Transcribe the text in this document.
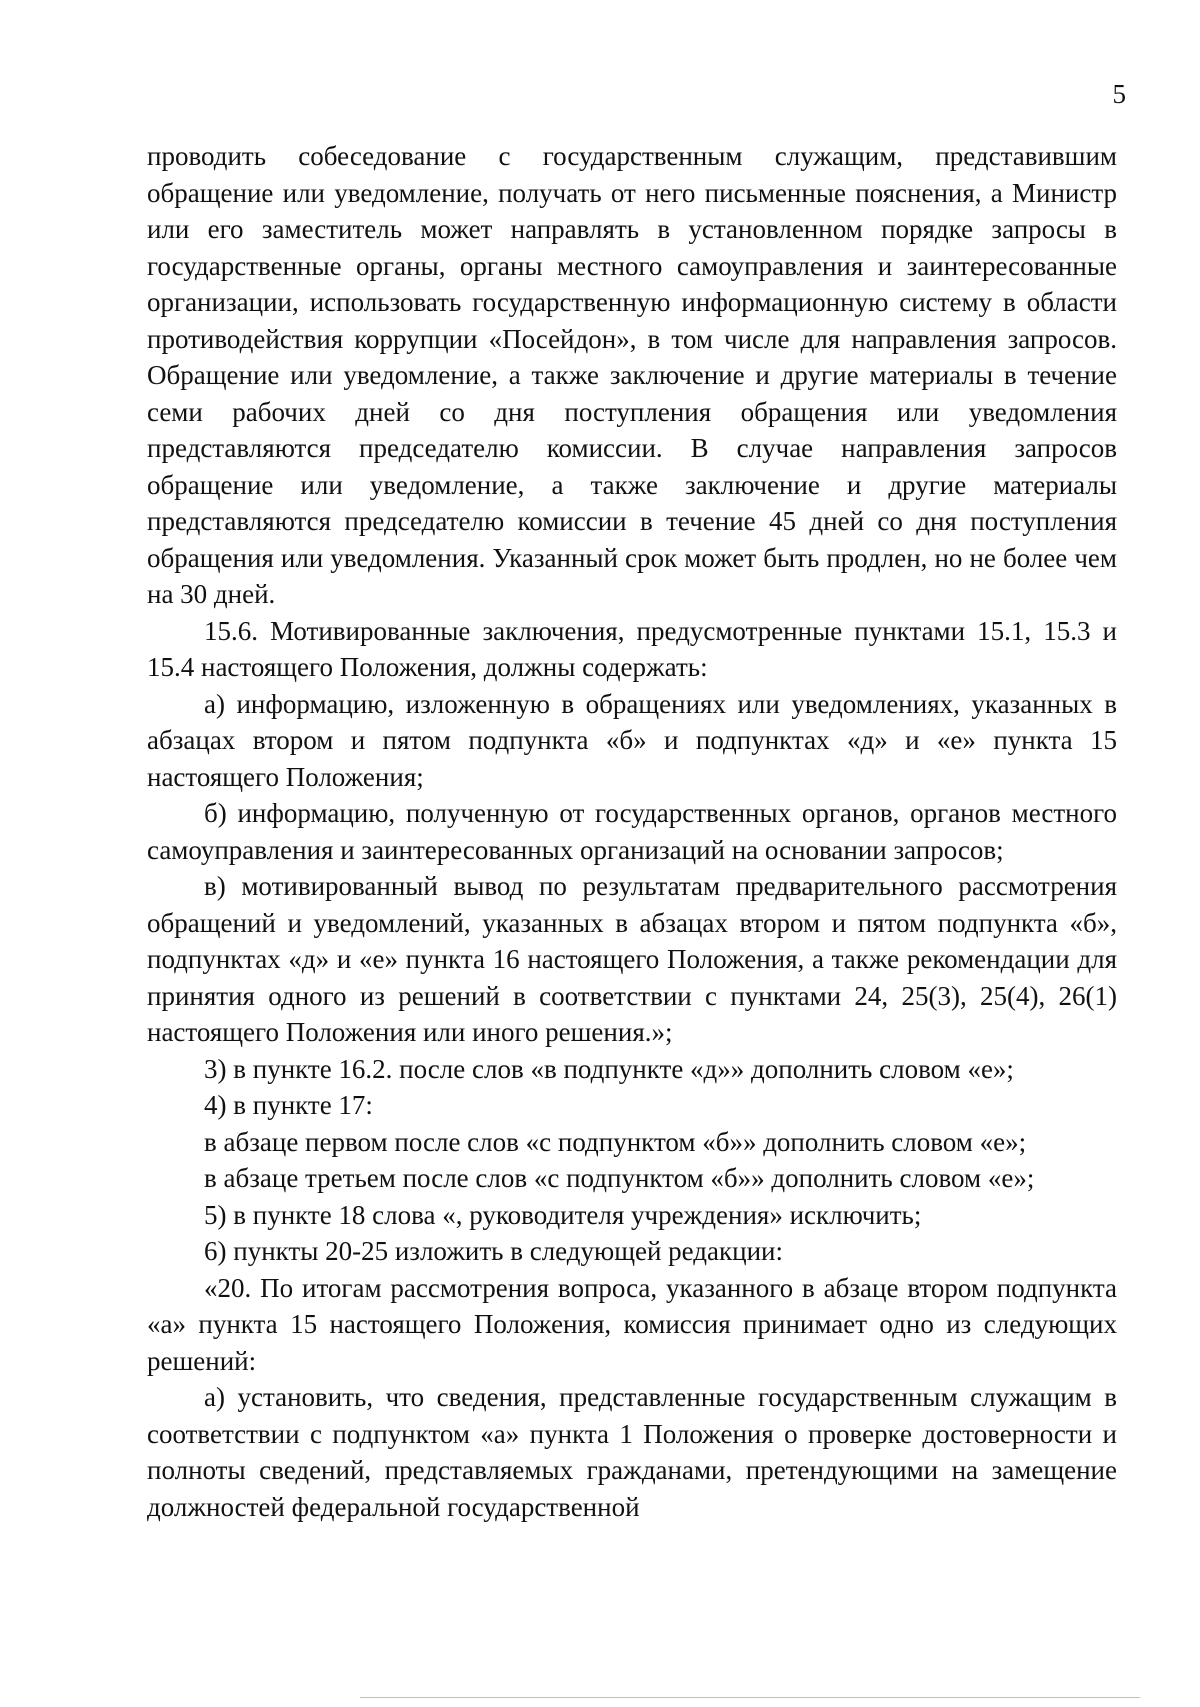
5

проводить собеседование с государственным служащим, представившим обращение или уведомление, получать от него письменные пояснения, а Министр или его заместитель может направлять в установленном порядке запросы в государственные органы, органы местного самоуправления и заинтересованные организации, использовать государственную информационную систему в области противодействия коррупции «Посейдон», в том числе для направления запросов. Обращение или уведомление, а также заключение и другие материалы в течение семи рабочих дней со дня поступления обращения или уведомления представляются председателю комиссии. В случае направления запросов обращение или уведомление, а также заключение и другие материалы представляются председателю комиссии в течение 45 дней со дня поступления обращения или уведомления. Указанный срок может быть продлен, но не более чем на 30 дней.

15.6. Мотивированные заключения, предусмотренные пунктами 15.1, 15.3 и 15.4 настоящего Положения, должны содержать:

а) информацию, изложенную в обращениях или уведомлениях, указанных в абзацах втором и пятом подпункта «б» и подпунктах «д» и «е» пункта 15 настоящего Положения;

б) информацию, полученную от государственных органов, органов местного самоуправления и заинтересованных организаций на основании запросов;

в) мотивированный вывод по результатам предварительного рассмотрения обращений и уведомлений, указанных в абзацах втором и пятом подпункта «б», подпунктах «д» и «е» пункта 16 настоящего Положения, а также рекомендации для принятия одного из решений в соответствии с пунктами 24, 25(3), 25(4), 26(1) настоящего Положения или иного решения.»;

3) в пункте 16.2. после слов «в подпункте «д»» дополнить словом «е»;

4) в пункте 17:

в абзаце первом после слов «с подпунктом «б»» дополнить словом «е»;

в абзаце третьем после слов «с подпунктом «б»» дополнить словом «е»;

5) в пункте 18 слова «, руководителя учреждения» исключить;

6) пункты 20-25 изложить в следующей редакции:

«20. По итогам рассмотрения вопроса, указанного в абзаце втором подпункта «а» пункта 15 настоящего Положения, комиссия принимает одно из следующих решений:

а) установить, что сведения, представленные государственным служащим в соответствии с подпунктом «а» пункта 1 Положения о проверке достоверности и полноты сведений, представляемых гражданами, претендующими на замещение должностей федеральной государственной
